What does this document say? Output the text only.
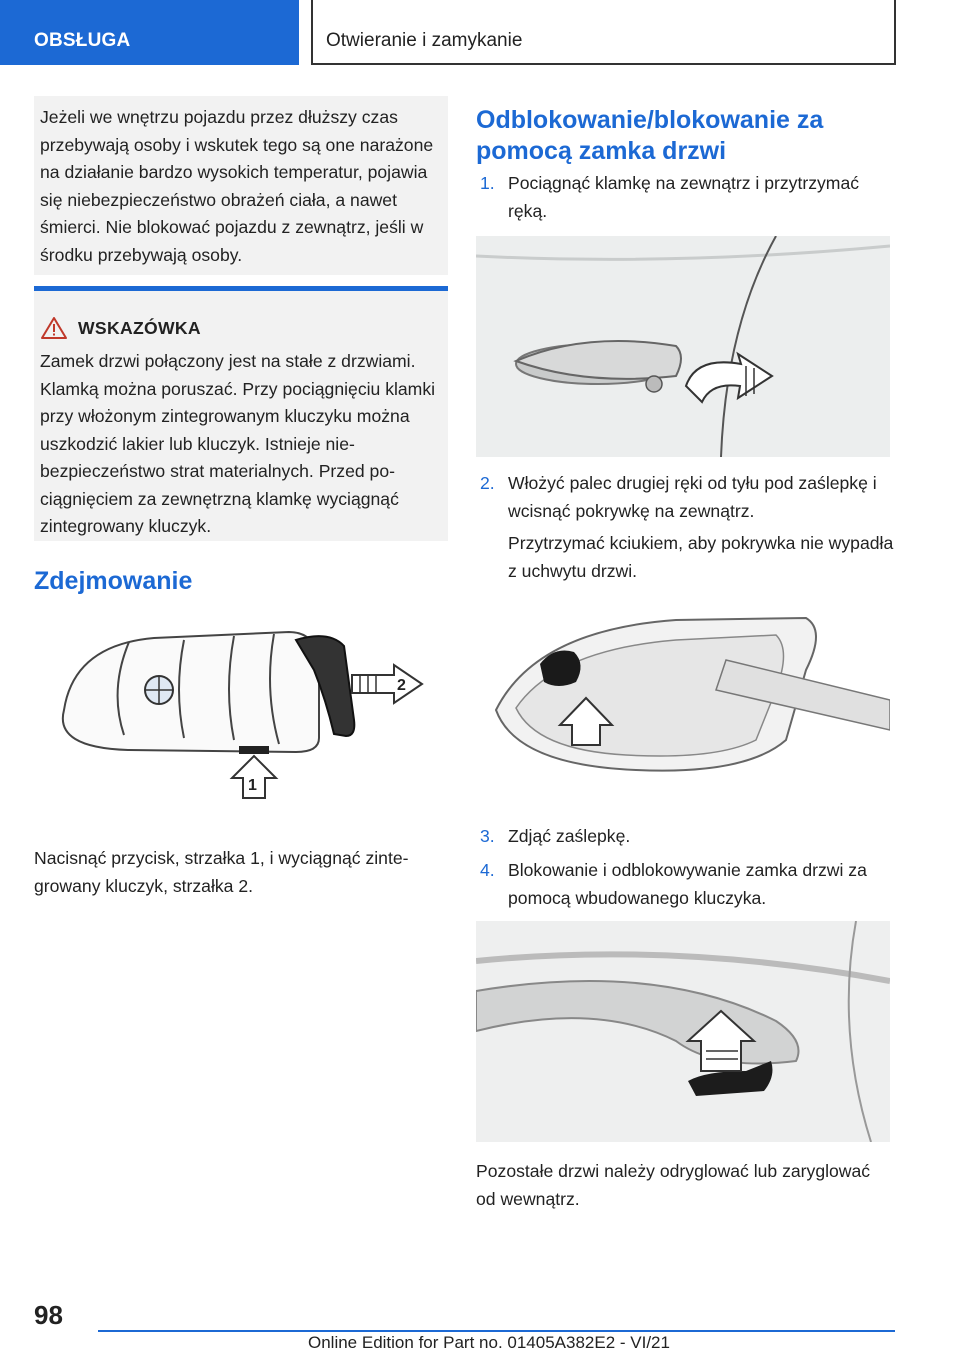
OBSŁUGA	Otwieranie i zamykanie

Jeżeli we wnętrzu pojazdu przez dłuższy czas przebywają osoby i wskutek tego są one narażone na działanie bardzo wysokich temperatur, pojawia się niebezpieczeństwo obrażeń ciała, a nawet śmierci. Nie blokować pojazdu z zewnątrz, jeśli w środku przebywają osoby.

WSKAZÓWKA

Zamek drzwi połączony jest na stałe z drzwiami. Klamką można poruszać. Przy pociągnięciu klamki przy włożonym zintegrowanym kluczyku można uszkodzić lakier lub kluczyk. Istnieje niebezpieczeństwo strat materialnych. Przed pociągnięciem za zewnętrzną klamkę wyciągnąć zintegrowany kluczyk.

Zdejmowanie
2
1

Nacisnąć przycisk, strzałka 1, i wyciągnąć zintegrowany kluczyk, strzałka 2.

Odblokowanie/blokowanie za pomocą zamka drzwi
1. Pociągnąć klamkę na zewnątrz i przytrzymać ręką.
2. Włożyć palec drugiej ręki od tyłu pod zaślepkę i wcisnąć pokrywkę na zewnątrz.
Przytrzymać kciukiem, aby pokrywka nie wypadła z uchwytu drzwi.
3. Zdjąć zaślepkę.
4. Blokowanie i odblokowywanie zamka drzwi za pomocą wbudowanego kluczyka.

Pozostałe drzwi należy odryglować lub zaryglować od wewnątrz.

98
Online Edition for Part no. 01405A382E2 - VI/21
